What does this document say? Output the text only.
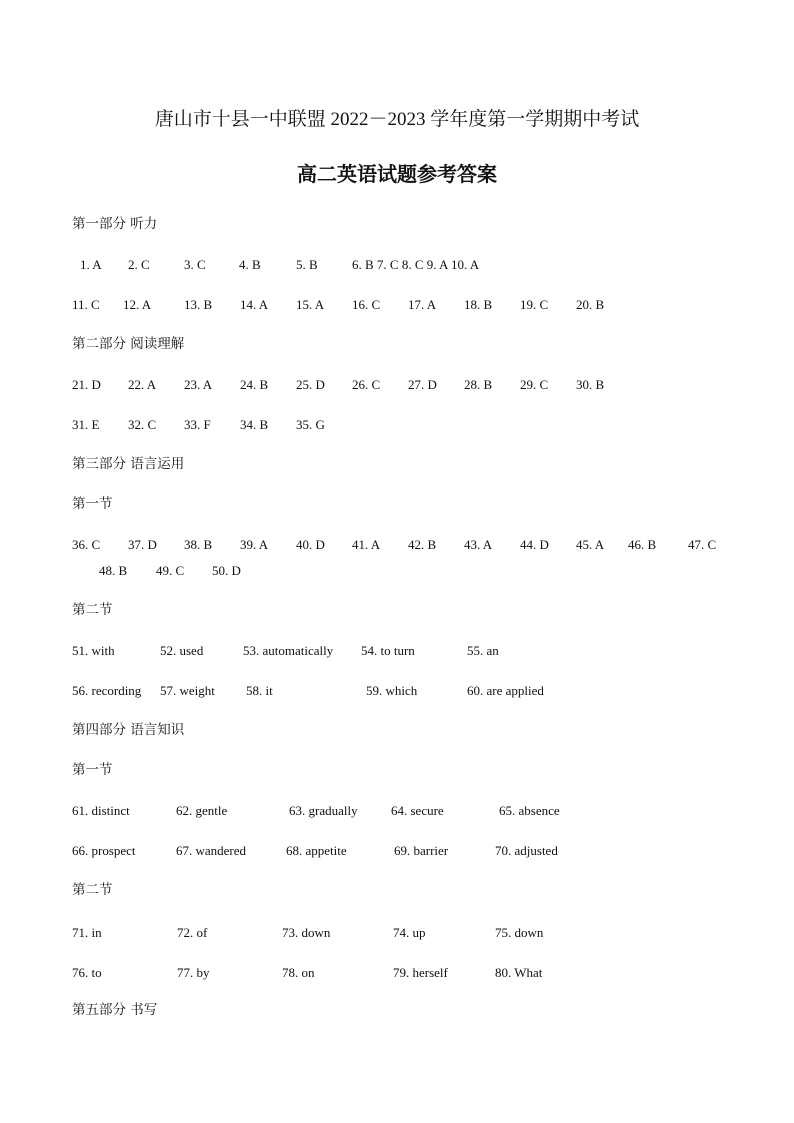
唐山市十县一中联盟 2022－2023 学年度第一学期期中考试
高二英语试题参考答案
第一部分 听力
1. A 2. C	3. C	4. B	5. B	6. B 7. C 8. C 9. A 10. A
11. C 12. A	13. B 14. A 15. A 16. C 17. A 18. B 19. C 20. B
第二部分 阅读理解
21. D 22. A 23. A 24. B 25. D 26. C 27. D 28. B 29. C 30. B
31. E 32. C 33. F 34. B 35. G
第三部分 语言运用
第一节
36. C 37. D 38. B 39. A 40. D 41. A 42. B 43. A 44. D 45. A 46. B 47. C
48. B 49. C 50. D
第二节
51. with	52. used	53. automatically 54. to turn	55. an
56. recording 57. weight 58. it	59. which	60. are applied
第四部分 语言知识
第一节
61. distinct	62. gentle	63. gradually	64. secure	65. absence
66. prospect	67. wandered	68. appetite	69. barrier	70. adjusted
第二节
71. in	72. of	73. down	74. up	75. down
76. to	77. by	78. on	79. herself	80. What
第五部分 书写
